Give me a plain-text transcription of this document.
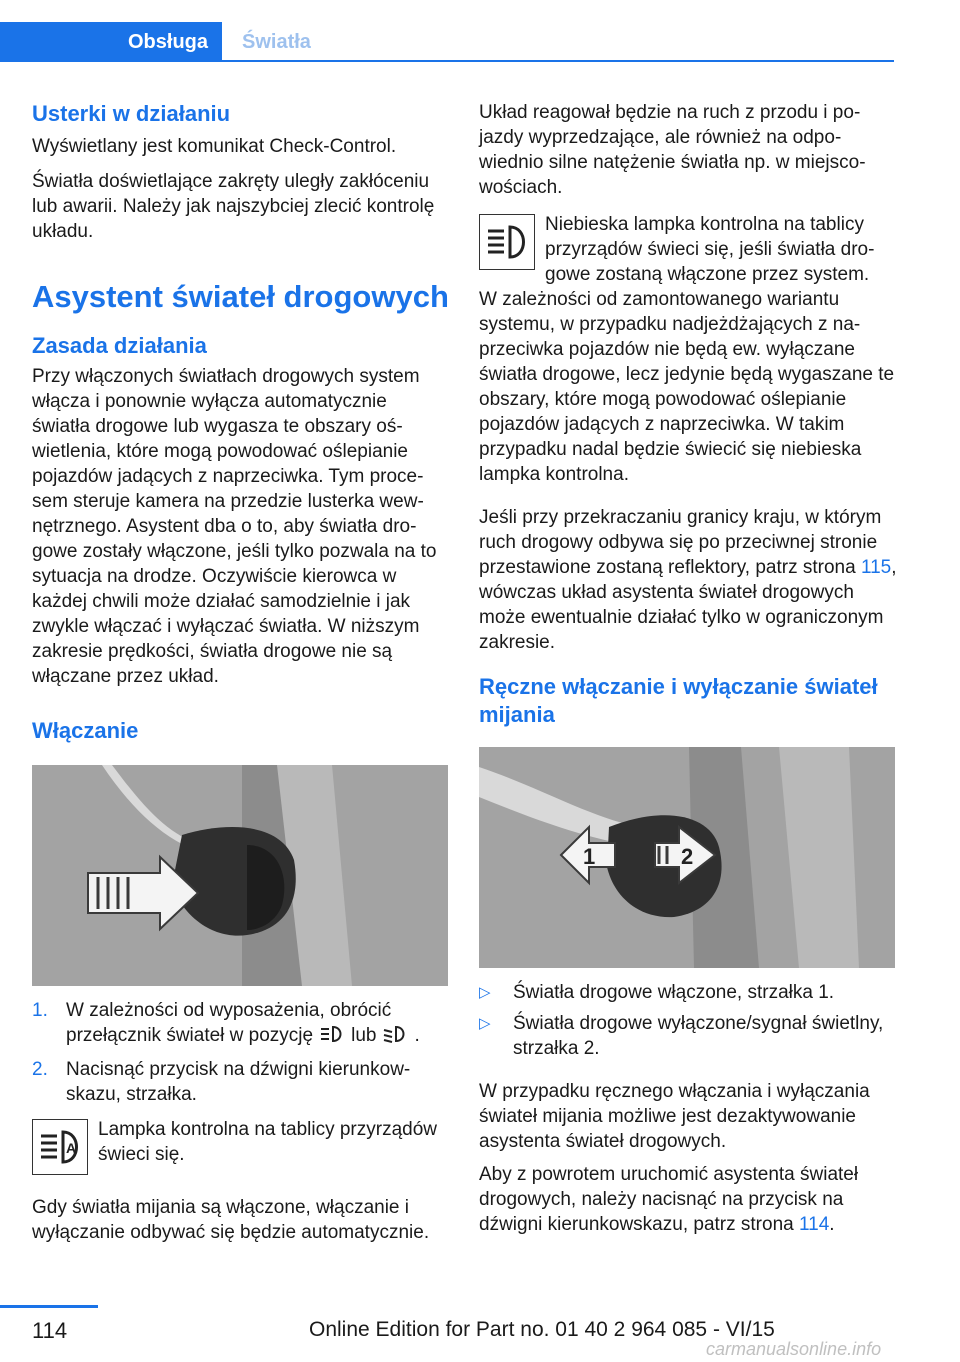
Obsługa	Światła
Usterki w działaniu

Wyświetlany jest komunikat Check-Control.

Światła doświetlające zakręty uległy zakłóceniu lub awarii. Należy jak najszybciej zlecić kontrolę układu.

Asystent świateł drogowych
Zasada działania

Przy włączonych światłach drogowych system włącza i ponownie wyłącza automatycznie światła drogowe lub wygasza te obszary oświetlenia, które mogą powodować oślepianie pojazdów jadących z naprzeciwka. Tym procesem steruje kamera na przedzie lusterka wewnętrznego. Asystent dba o to, aby światła drogowe zostały włączone, jeśli tylko pozwala na to sytuacja na drodze. Oczywiście kierowca w każdej chwili może działać samodzielnie i jak zwykle włączać i wyłączać światła. W niższym zakresie prędkości, światła drogowe nie są włączane przez układ.

Włączanie
1. W zależności od wyposażenia, obrócić przełącznik świateł w pozycję lub .
2. Nacisnąć przycisk na dźwigni kierunkowskazu, strzałka.
A

Lampka kontrolna na tablicy przyrządów świeci się.

Gdy światła mijania są włączone, włączanie i wyłączanie odbywać się będzie automatycznie.

Układ reagował będzie na ruch z przodu i pojazdy wyprzedzające, ale również na odpowiednio silne natężenie światła np. w miejscowościach.

Niebieska lampka kontrolna na tablicy przyrządów świeci się, jeśli światła drogowe zostaną włączone przez system.

W zależności od zamontowanego wariantu systemu, w przypadku nadjeżdżających z naprzeciwka pojazdów nie będą ew. wyłączane światła drogowe, lecz jedynie będą wygaszane te obszary, które mogą powodować oślepianie pojazdów jadących z naprzeciwka. W takim przypadku nadal będzie świecić się niebieska lampka kontrolna.

Jeśli przy przekraczaniu granicy kraju, w którym ruch drogowy odbywa się po przeciwnej stronie przestawione zostaną reflektory, patrz strona 115, wówczas układ asystenta świateł drogowych może ewentualnie działać tylko w ograniczonym zakresie.

Ręczne włączanie i wyłączanie świateł mijania
1	2
▷	Światła drogowe włączone, strzałka 1.
▷	Światła drogowe wyłączone/sygnał świetlny, strzałka 2.

W przypadku ręcznego włączania i wyłączania świateł mijania możliwe jest dezaktywowanie asystenta świateł drogowych.

Aby z powrotem uruchomić asystenta świateł drogowych, należy nacisnąć na przycisk na dźwigni kierunkowskazu, patrz strona 114.

114	Online Edition for Part no. 01 40 2 964 085 - VI/15
carmanualsonline.info
